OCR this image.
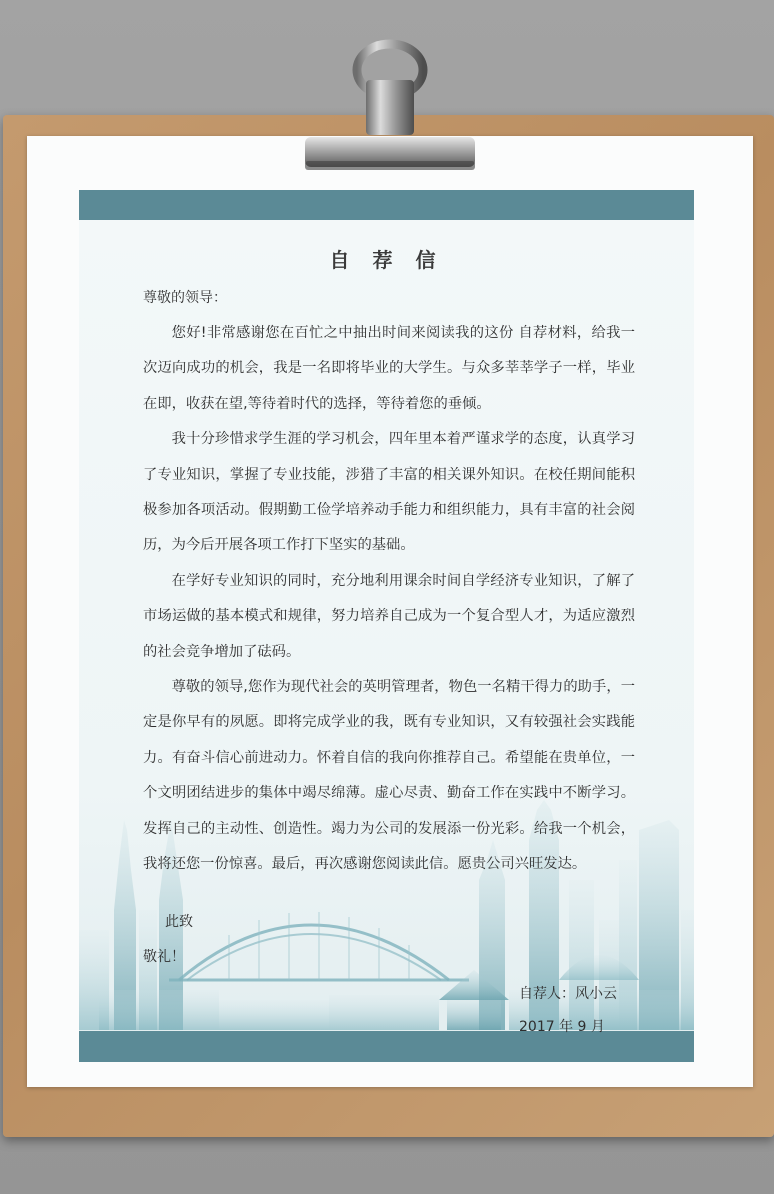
自 荐 信
尊敬的领导：

您好!非常感谢您在百忙之中抽出时间来阅读我的这份 自荐材料，给我一次迈向成功的机会，我是一名即将毕业的大学生。与众多莘莘学子一样，毕业在即，收获在望,等待着时代的选择，等待着您的垂倾。

我十分珍惜求学生涯的学习机会，四年里本着严谨求学的态度，认真学习了专业知识，掌握了专业技能，涉猎了丰富的相关课外知识。在校任期间能积极参加各项活动。假期勤工俭学培养动手能力和组织能力，具有丰富的社会阅历，为今后开展各项工作打下坚实的基础。

在学好专业知识的同时，充分地利用课余时间自学经济专业知识，了解了市场运做的基本模式和规律，努力培养自己成为一个复合型人才，为适应激烈的社会竞争增加了砝码。

尊敬的领导,您作为现代社会的英明管理者，物色一名精干得力的助手，一定是你早有的夙愿。即将完成学业的我，既有专业知识，又有较强社会实践能力。有奋斗信心前进动力。怀着自信的我向你推荐自己。希望能在贵单位，一个文明团结进步的集体中竭尽绵薄。虚心尽责、勤奋工作在实践中不断学习。发挥自己的主动性、创造性。竭力为公司的发展添一份光彩。给我一个机会，我将还您一份惊喜。最后，再次感谢您阅读此信。愿贵公司兴旺发达。

此致
敬礼！
自荐人：风小云
2017 年 9 月
